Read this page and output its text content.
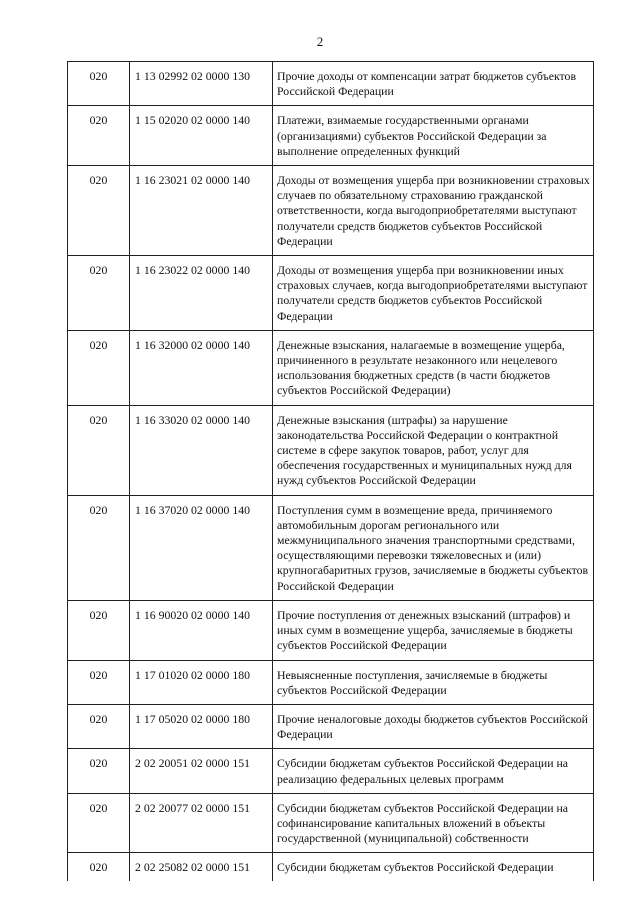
2
020	1 13 02992 02 0000 130	Прочие доходы от компенсации затрат бюджетов субъектов Российской Федерации
020	1 15 02020 02 0000 140	Платежи, взимаемые государственными органами (организациями) субъектов Российской Федерации за выполнение определенных функций
020	1 16 23021 02 0000 140	Доходы от возмещения ущерба при возникновении страховых случаев по обязательному страхованию гражданской ответственности, когда выгодоприобретателями выступают получатели средств бюджетов субъектов Российской Федерации
020	1 16 23022 02 0000 140	Доходы от возмещения ущерба при возникновении иных страховых случаев, когда выгодоприобретателями выступают получатели средств бюджетов субъектов Российской Федерации
020	1 16 32000 02 0000 140	Денежные взыскания, налагаемые в возмещение ущерба, причиненного в результате незаконного или нецелевого использования бюджетных средств (в части бюджетов субъектов Российской Федерации)
020	1 16 33020 02 0000 140	Денежные взыскания (штрафы) за нарушение законодательства Российской Федерации о контрактной системе в сфере закупок товаров, работ, услуг для обеспечения государственных и муниципальных нужд для нужд субъектов Российской Федерации
020	1 16 37020 02 0000 140	Поступления сумм в возмещение вреда, причиняемого автомобильным дорогам регионального или межмуниципального значения транспортными средствами, осуществляющими перевозки тяжеловесных и (или) крупногабаритных грузов, зачисляемые в бюджеты субъектов Российской Федерации
020	1 16 90020 02 0000 140	Прочие поступления от денежных взысканий (штрафов) и иных сумм в возмещение ущерба, зачисляемые в бюджеты субъектов Российской Федерации
020	1 17 01020 02 0000 180	Невыясненные поступления, зачисляемые в бюджеты субъектов Российской Федерации
020	1 17 05020 02 0000 180	Прочие неналоговые доходы бюджетов субъектов Российской Федерации
020	2 02 20051 02 0000 151	Субсидии бюджетам субъектов Российской Федерации на реализацию федеральных целевых программ
020	2 02 20077 02 0000 151	Субсидии бюджетам субъектов Российской Федерации на софинансирование капитальных вложений в объекты государственной (муниципальной) собственности
020	2 02 25082 02 0000 151	Субсидии бюджетам субъектов Российской Федерации
